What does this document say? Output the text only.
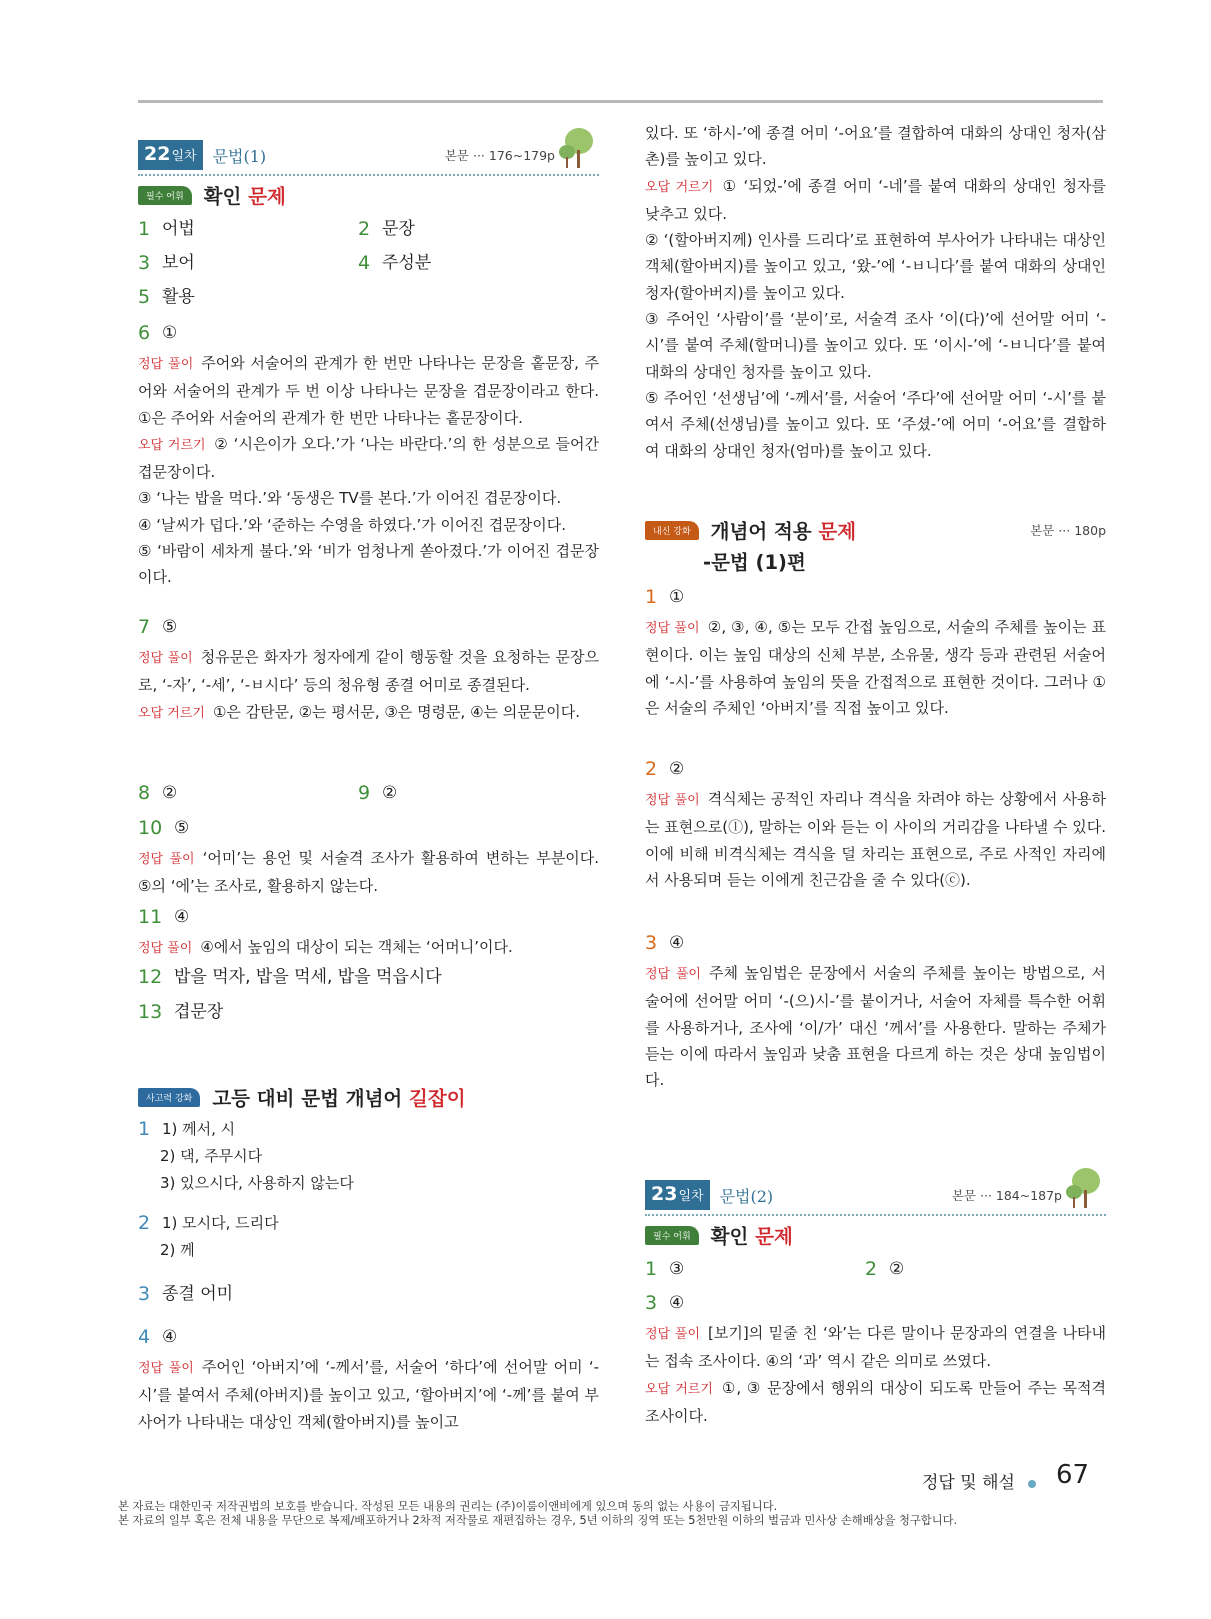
22 일차 문법(1)	본문 ··· 176~179p
필수 어휘	확인 문제
1 어법	2 문장
3 보어	4 주성분
5 활용
6 ①

정답 풀이 주어와 서술어의 관계가 한 번만 나타나는 문장을 홑문장, 주어와 서술어의 관계가 두 번 이상 나타나는 문장을 겹문장이라고 한다. ①은 주어와 서술어의 관계가 한 번만 나타나는 홑문장이다.

오답 거르기 ② ‘시은이가 오다.’가 ‘나는 바란다.’의 한 성분으로 들어간 겹문장이다.

③ ‘나는 밥을 먹다.’와 ‘동생은 TV를 본다.’가 이어진 겹문장이다.

④ ‘날씨가 덥다.’와 ‘준하는 수영을 하였다.’가 이어진 겹문장이다.

⑤ ‘바람이 세차게 불다.’와 ‘비가 엄청나게 쏟아졌다.’가 이어진 겹문장이다.

7 ⑤

정답 풀이 청유문은 화자가 청자에게 같이 행동할 것을 요청하는 문장으로, ‘-자’, ‘-세’, ‘-ㅂ시다’ 등의 청유형 종결 어미로 종결된다.

오답 거르기 ①은 감탄문, ②는 평서문, ③은 명령문, ④는 의문문이다.

8 ②	9 ②
10 ⑤

정답 풀이 ‘어미’는 용언 및 서술격 조사가 활용하여 변하는 부분이다. ⑤의 ‘에’는 조사로, 활용하지 않는다.

11 ④

정답 풀이 ④에서 높임의 대상이 되는 객체는 ‘어머니’이다.

12 밥을 먹자, 밥을 먹세, 밥을 먹읍시다
13 겹문장
사고력 강화	고등 대비 문법 개념어 길잡이
1 1) 께서, 시
2) 댁, 주무시다
3) 있으시다, 사용하지 않는다
2 1) 모시다, 드리다
2) 께
3 종결 어미
4 ④

정답 풀이 주어인 ‘아버지’에 ‘-께서’를, 서술어 ‘하다’에 선어말 어미 ‘-시’를 붙여서 주체(아버지)를 높이고 있고, ‘할아버지’에 ‘-께’를 붙여 부사어가 나타내는 대상인 객체(할아버지)를 높이고

있다. 또 ‘하시-’에 종결 어미 ‘-어요’를 결합하여 대화의 상대인 청자(삼촌)를 높이고 있다.

오답 거르기 ① ‘되었-’에 종결 어미 ‘-네’를 붙여 대화의 상대인 청자를 낮추고 있다.

② ‘(할아버지께) 인사를 드리다’로 표현하여 부사어가 나타내는 대상인 객체(할아버지)를 높이고 있고, ‘왔-’에 ‘-ㅂ니다’를 붙여 대화의 상대인 청자(할아버지)를 높이고 있다.

③ 주어인 ‘사람이’를 ‘분이’로, 서술격 조사 ‘이(다)’에 선어말 어미 ‘-시’를 붙여 주체(할머니)를 높이고 있다. 또 ‘이시-’에 ‘-ㅂ니다’를 붙여 대화의 상대인 청자를 높이고 있다.

⑤ 주어인 ‘선생님’에 ‘-께서’를, 서술어 ‘주다’에 선어말 어미 ‘-시’를 붙여서 주체(선생님)를 높이고 있다. 또 ‘주셨-’에 어미 ‘-어요’를 결합하여 대화의 상대인 청자(엄마)를 높이고 있다.

내신 강화	개념어 적용 문제	본문 ··· 180p
-문법 (1)편
1 ①

정답 풀이 ②, ③, ④, ⑤는 모두 간접 높임으로, 서술의 주체를 높이는 표현이다. 이는 높임 대상의 신체 부분, 소유물, 생각 등과 관련된 서술어에 ‘-시-’를 사용하여 높임의 뜻을 간접적으로 표현한 것이다. 그러나 ①은 서술의 주체인 ‘아버지’를 직접 높이고 있다.

2 ②

정답 풀이 격식체는 공적인 자리나 격식을 차려야 하는 상황에서 사용하는 표현으로(ⓛ), 말하는 이와 듣는 이 사이의 거리감을 나타낼 수 있다. 이에 비해 비격식체는 격식을 덜 차리는 표현으로, 주로 사적인 자리에서 사용되며 듣는 이에게 친근감을 줄 수 있다(ⓒ).

3 ④

정답 풀이 주체 높임법은 문장에서 서술의 주체를 높이는 방법으로, 서술어에 선어말 어미 ‘-(으)시-’를 붙이거나, 서술어 자체를 특수한 어휘를 사용하거나, 조사에 ‘이/가’ 대신 ‘께서’를 사용한다. 말하는 주체가 듣는 이에 따라서 높임과 낮춤 표현을 다르게 하는 것은 상대 높임법이다.

23 일차 문법(2)	본문 ··· 184~187p
필수 어휘	확인 문제
1 ③	2 ②
3 ④

정답 풀이 [보기]의 밑줄 친 ‘와’는 다른 말이나 문장과의 연결을 나타내는 접속 조사이다. ④의 ‘과’ 역시 같은 의미로 쓰였다.

오답 거르기 ①, ③ 문장에서 행위의 대상이 되도록 만들어 주는 목적격 조사이다.

정답 및 해설 67
본 자료는 대한민국 저작권법의 보호를 받습니다. 작성된 모든 내용의 권리는 (주)이룸이앤비에게 있으며 동의 없는 사용이 금지됩니다.
본 자료의 일부 혹은 전체 내용을 무단으로 복제/배포하거나 2차적 저작물로 재편집하는 경우, 5년 이하의 징역 또는 5천만원 이하의 벌금과 민사상 손해배상을 청구합니다.
